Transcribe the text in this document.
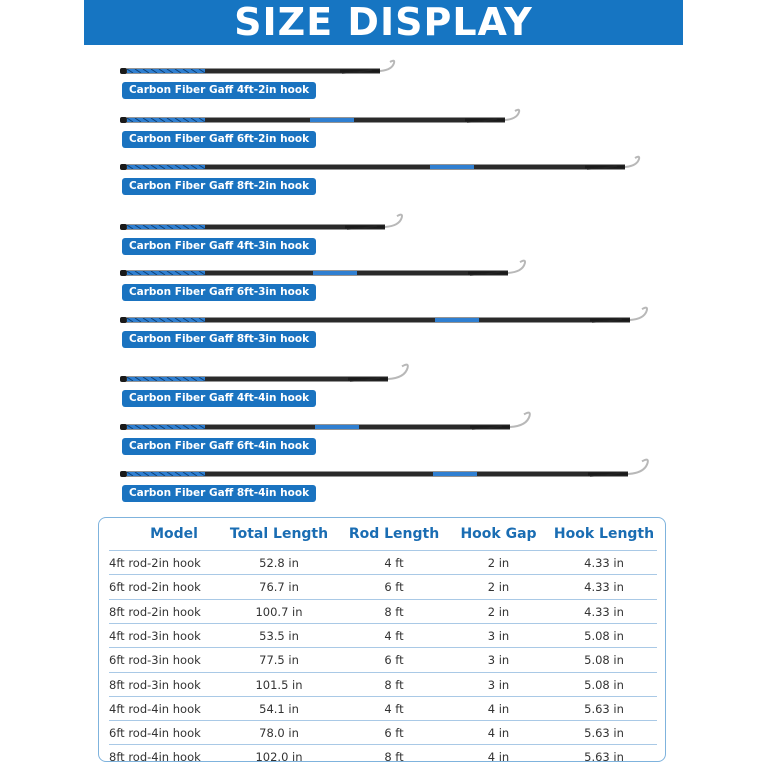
SIZE DISPLAY
Carbon Fiber Gaff 4ft-2in hook
Carbon Fiber Gaff 6ft-2in hook
Carbon Fiber Gaff 8ft-2in hook
Carbon Fiber Gaff 4ft-3in hook
Carbon Fiber Gaff 6ft-3in hook
Carbon Fiber Gaff 8ft-3in hook
Carbon Fiber Gaff 4ft-4in hook
Carbon Fiber Gaff 6ft-4in hook
Carbon Fiber Gaff 8ft-4in hook
Model	Total Length	Rod Length	Hook Gap	Hook Length
4ft rod-2in hook	52.8 in	4 ft	2 in	4.33 in
6ft rod-2in hook	76.7 in	6 ft	2 in	4.33 in
8ft rod-2in hook	100.7 in	8 ft	2 in	4.33 in
4ft rod-3in hook	53.5 in	4 ft	3 in	5.08 in
6ft rod-3in hook	77.5 in	6 ft	3 in	5.08 in
8ft rod-3in hook	101.5 in	8 ft	3 in	5.08 in
4ft rod-4in hook	54.1 in	4 ft	4 in	5.63 in
6ft rod-4in hook	78.0 in	6 ft	4 in	5.63 in
8ft rod-4in hook	102.0 in	8 ft	4 in	5.63 in
